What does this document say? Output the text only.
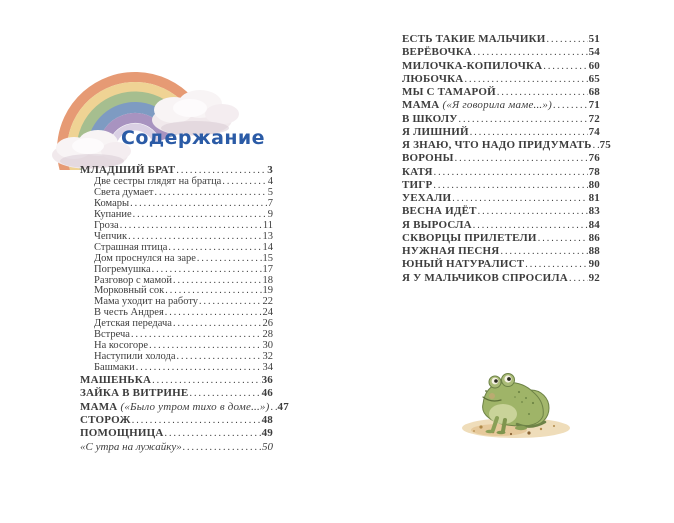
Содержание
МЛАДШИЙ БРАТ .....	3
Две сестры глядят на братца .....	4
Света думает .....	5
Комары .....	7
Купание .....	9
Гроза .....	11
Чепчик .....	13
Страшная птица .....	14
Дом проснулся на заре .....	15
Погремушка .....	17
Разговор с мамой .....	18
Морковный сок .....	19
Мама уходит на работу .....	22
В честь Андрея .....	24
Детская передача .....	26
Встреча .....	28
На косогоре .....	30
Наступили холода .....	32
Башмаки .....	34
МАШЕНЬКА .....	36
ЗАЙКА В ВИТРИНЕ .....	46
МАМА («Было утром тихо в доме...») ..... 47
СТОРОЖ .....	48
ПОМОЩНИЦА .....	49
«С утра на лужайку» .....	50
ЕСТЬ ТАКИЕ МАЛЬЧИКИ .....	51
ВЕРЁВОЧКА .....	54
МИЛОЧКА-КОПИЛОЧКА .....	60
ЛЮБОЧКА .....	65
МЫ С ТАМАРОЙ .....	68
МАМА («Я говорила маме...») .....	71
В ШКОЛУ .....	72
Я ЛИШНИЙ .....	74
Я ЗНАЮ, ЧТО НАДО ПРИДУМАТЬ ..... 75
ВОРОНЫ .....	76
КАТЯ .....	78
ТИГР .....	80
УЕХАЛИ .....	81
ВЕСНА ИДЁТ .....	83
Я ВЫРОСЛА .....	84
СКВОРЦЫ ПРИЛЕТЕЛИ .....	86
НУЖНАЯ ПЕСНЯ .....	88
ЮНЫЙ НАТУРАЛИСТ .....	90
Я У МАЛЬЧИКОВ СПРОСИЛА ..... 92
